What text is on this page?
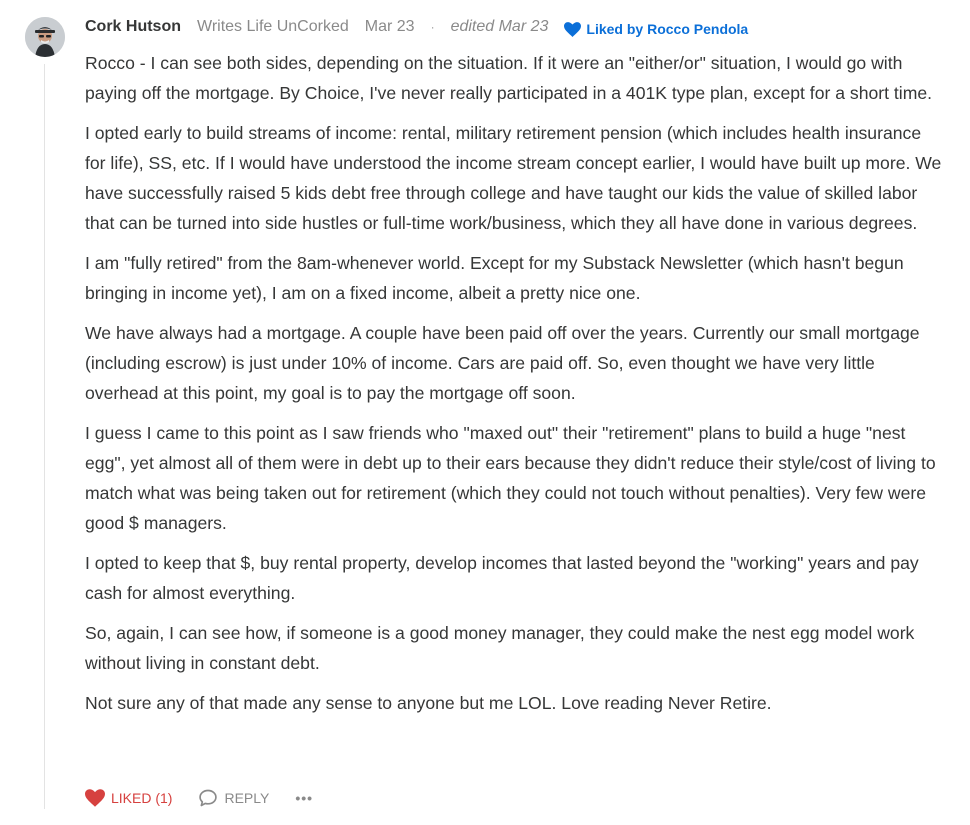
Cork Hutson Writes Life UnCorked Mar 23 · edited Mar 23	Liked by Rocco Pendola

Rocco - I can see both sides, depending on the situation. If it were an "either/or" situation, I would go with paying off the mortgage. By Choice, I've never really participated in a 401K type plan, except for a short time.

I opted early to build streams of income: rental, military retirement pension (which includes health insurance for life), SS, etc. If I would have understood the income stream concept earlier, I would have built up more. We have successfully raised 5 kids debt free through college and have taught our kids the value of skilled labor that can be turned into side hustles or full-time work/business, which they all have done in various degrees.

I am "fully retired" from the 8am-whenever world. Except for my Substack Newsletter (which hasn't begun bringing in income yet), I am on a fixed income, albeit a pretty nice one.

We have always had a mortgage. A couple have been paid off over the years. Currently our small mortgage (including escrow) is just under 10% of income. Cars are paid off. So, even thought we have very little overhead at this point, my goal is to pay the mortgage off soon.

I guess I came to this point as I saw friends who "maxed out" their "retirement" plans to build a huge "nest egg", yet almost all of them were in debt up to their ears because they didn't reduce their style/cost of living to match what was being taken out for retirement (which they could not touch without penalties). Very few were good $ managers.

I opted to keep that $, buy rental property, develop incomes that lasted beyond the "working" years and pay cash for almost everything.

So, again, I can see how, if someone is a good money manager, they could make the nest egg model work without living in constant debt.

Not sure any of that made any sense to anyone but me LOL. Love reading Never Retire.

LIKED (1)	REPLY •••
